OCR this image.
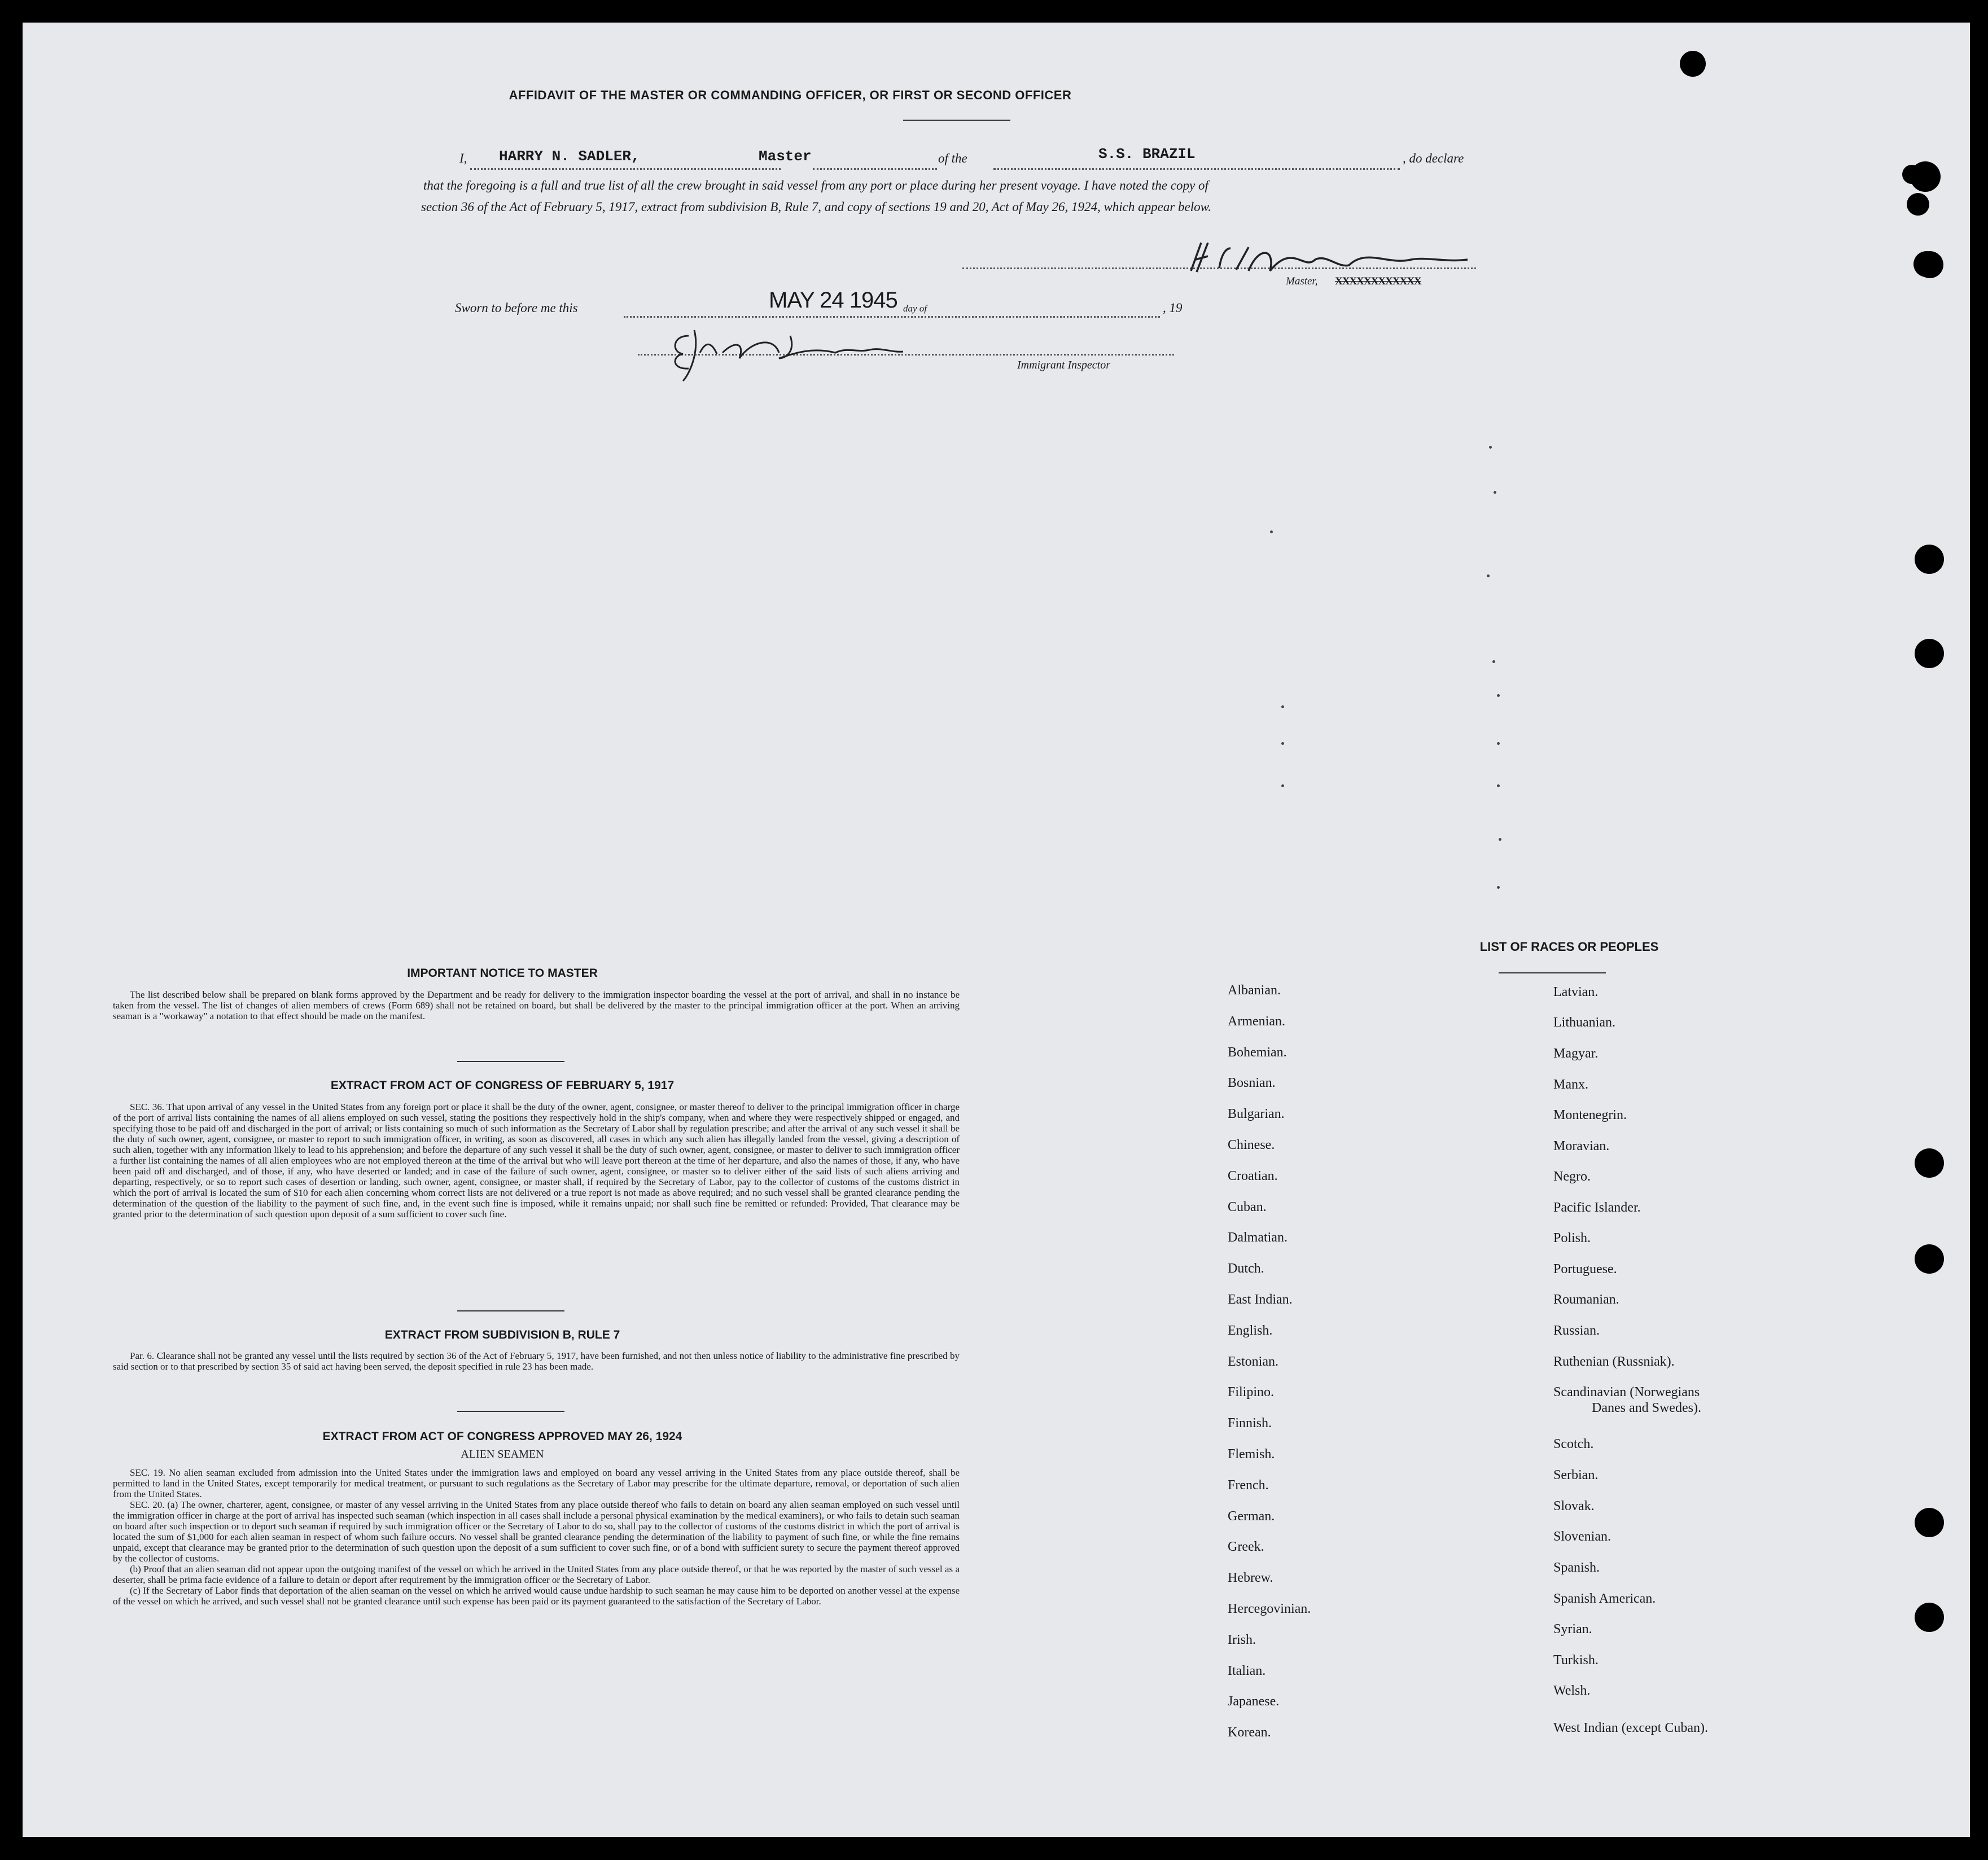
AFFIDAVIT OF THE MASTER OR COMMANDING OFFICER, OR FIRST OR SECOND OFFICER
I, HARRY N. SADLER,	Master	of the	S.S. BRAZIL	, do declare
that the foregoing is a full and true list of all the crew brought in said vessel from any port or place during her present voyage. I have noted the copy of
section 36 of the Act of February 5, 1917, extract from subdivision B, Rule 7, and copy of sections 19 and 20, Act of May 26, 1924, which appear below.
Master, XXXXXXXXXXXX
Sworn to before me this	MAY 24 1945 day of	, 19
Immigrant Inspector
IMPORTANT NOTICE TO MASTER

The list described below shall be prepared on blank forms approved by the Department and be ready for delivery to the immigration inspector boarding the vessel at the port of arrival, and shall in no instance be taken from the vessel. The list of changes of alien members of crews (Form 689) shall not be retained on board, but shall be delivered by the master to the principal immigration officer at the port. When an arriving seaman is a "workaway" a notation to that effect should be made on the manifest.

EXTRACT FROM ACT OF CONGRESS OF FEBRUARY 5, 1917

SEC. 36. That upon arrival of any vessel in the United States from any foreign port or place it shall be the duty of the owner, agent, consignee, or master thereof to deliver to the principal immigration officer in charge of the port of arrival lists containing the names of all aliens employed on such vessel, stating the positions they respectively hold in the ship's company, when and where they were respectively shipped or engaged, and specifying those to be paid off and discharged in the port of arrival; or lists containing so much of such information as the Secretary of Labor shall by regulation prescribe; and after the arrival of any such vessel it shall be the duty of such owner, agent, consignee, or master to report to such immigration officer, in writing, as soon as discovered, all cases in which any such alien has illegally landed from the vessel, giving a description of such alien, together with any information likely to lead to his apprehension; and before the departure of any such vessel it shall be the duty of such owner, agent, consignee, or master to deliver to such immigration officer a further list containing the names of all alien employees who are not employed thereon at the time of the arrival but who will leave port thereon at the time of her departure, and also the names of those, if any, who have been paid off and discharged, and of those, if any, who have deserted or landed; and in case of the failure of such owner, agent, consignee, or master so to deliver either of the said lists of such aliens arriving and departing, respectively, or so to report such cases of desertion or landing, such owner, agent, consignee, or master shall, if required by the Secretary of Labor, pay to the collector of customs of the customs district in which the port of arrival is located the sum of $10 for each alien concerning whom correct lists are not delivered or a true report is not made as above required; and no such vessel shall be granted clearance pending the determination of the question of the liability to the payment of such fine, and, in the event such fine is imposed, while it remains unpaid; nor shall such fine be remitted or refunded: Provided, That clearance may be granted prior to the determination of such question upon deposit of a sum sufficient to cover such fine.

EXTRACT FROM SUBDIVISION B, RULE 7

Par. 6. Clearance shall not be granted any vessel until the lists required by section 36 of the Act of February 5, 1917, have been furnished, and not then unless notice of liability to the administrative fine prescribed by said section or to that prescribed by section 35 of said act having been served, the deposit specified in rule 23 has been made.

EXTRACT FROM ACT OF CONGRESS APPROVED MAY 26, 1924
ALIEN SEAMEN

SEC. 19. No alien seaman excluded from admission into the United States under the immigration laws and employed on board any vessel arriving in the United States from any place outside thereof, shall be permitted to land in the United States, except temporarily for medical treatment, or pursuant to such regulations as the Secretary of Labor may prescribe for the ultimate departure, removal, or deportation of such alien from the United States.

SEC. 20. (a) The owner, charterer, agent, consignee, or master of any vessel arriving in the United States from any place outside thereof who fails to detain on board any alien seaman employed on such vessel until the immigration officer in charge at the port of arrival has inspected such seaman (which inspection in all cases shall include a personal physical examination by the medical examiners), or who fails to detain such seaman on board after such inspection or to deport such seaman if required by such immigration officer or the Secretary of Labor to do so, shall pay to the collector of customs of the customs district in which the port of arrival is located the sum of $1,000 for each alien seaman in respect of whom such failure occurs. No vessel shall be granted clearance pending the determination of the liability to payment of such fine, or while the fine remains unpaid, except that clearance may be granted prior to the determination of such question upon the deposit of a sum sufficient to cover such fine, or of a bond with sufficient surety to secure the payment thereof approved by the collector of customs.

(b) Proof that an alien seaman did not appear upon the outgoing manifest of the vessel on which he arrived in the United States from any place outside thereof, or that he was reported by the master of such vessel as a deserter, shall be prima facie evidence of a failure to detain or deport after requirement by the immigration officer or the Secretary of Labor.

(c) If the Secretary of Labor finds that deportation of the alien seaman on the vessel on which he arrived would cause undue hardship to such seaman he may cause him to be deported on another vessel at the expense of the vessel on which he arrived, and such vessel shall not be granted clearance until such expense has been paid or its payment guaranteed to the satisfaction of the Secretary of Labor.

LIST OF RACES OR PEOPLES
Albanian.
Armenian.
Bohemian.
Bosnian.
Bulgarian.
Chinese.
Croatian.
Cuban.
Dalmatian.
Dutch.
East Indian.
English.
Estonian.
Filipino.
Finnish.
Flemish.
French.
German.
Greek.
Hebrew.
Hercegovinian.
Irish.
Italian.
Japanese.
Korean.
Latvian.
Lithuanian.
Magyar.
Manx.
Montenegrin.
Moravian.
Negro.
Pacific Islander.
Polish.
Portuguese.
Roumanian.
Russian.
Ruthenian (Russniak).
Scandinavian (Norwegians
Scotch.
Serbian.
Slovak.
Slovenian.
Spanish.
Spanish American.
Syrian.
Turkish.
Welsh.
West Indian (except Cuban).
Danes and Swedes).
